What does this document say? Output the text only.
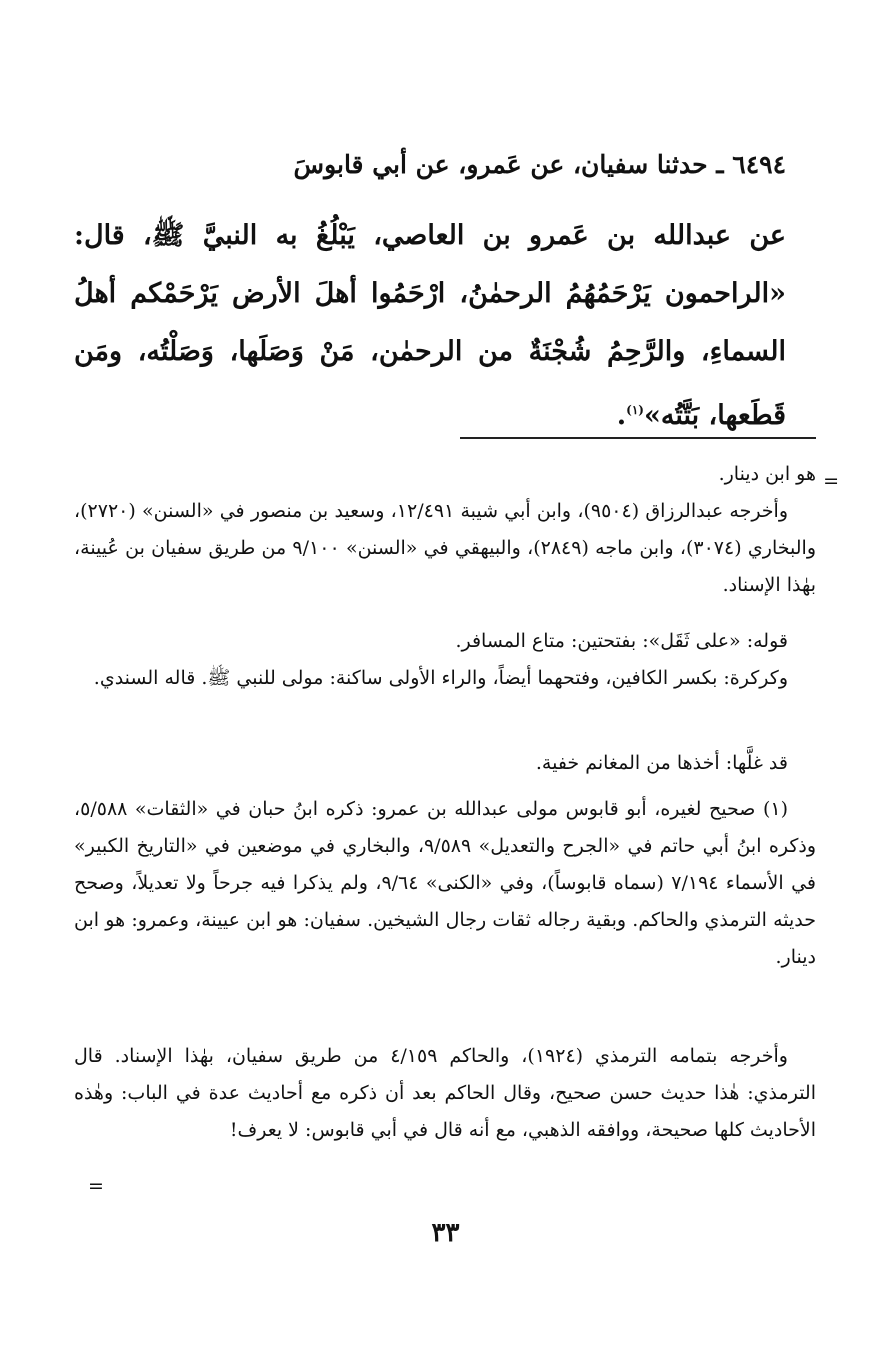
٦٤٩٤ ـ حدثنا سفيان، عن عَمرو، عن أبي قابوسَ

عن عبدالله بن عَمرو بن العاصي، يَبْلُغُ به النبيَّ ﷺ، قال: «الراحمون يَرْحَمُهُمُ الرحمٰنُ، ارْحَمُوا أهلَ الأرض يَرْحَمْكم أهلُ السماءِ، والرَّحِمُ شُجْنَةٌ من الرحمٰن، مَنْ وَصَلَها، وَصَلْتُه، ومَن قَطَعها، بَتَّتُه»$^{(١)}$.

=

هو ابن دينار.

وأخرجه عبدالرزاق (٩٥٠٤)، وابن أبي شيبة ١٢/٤٩١، وسعيد بن منصور في «السنن» (٢٧٢٠)، والبخاري (٣٠٧٤)، وابن ماجه (٢٨٤٩)، والبيهقي في «السنن» ٩/١٠٠ من طريق سفيان بن عُيينة، بهٰذا الإسناد.

قوله: «على ثَقَل»: بفتحتين: متاع المسافر.

وكركرة: بكسر الكافين، وفتحهما أيضاً، والراء الأولى ساكنة: مولى للنبي ﷺ. قاله السندي.

قد غلَّها: أخذها من المغانم خفية.

(١) صحيح لغيره، أبو قابوس مولى عبدالله بن عمرو: ذكره ابنُ حبان في «الثقات» ٥/٥٨٨، وذكره ابنُ أبي حاتم في «الجرح والتعديل» ٩/٥٨٩، والبخاري في موضعين في «التاريخ الكبير» في الأسماء ٧/١٩٤ (سماه قابوساً)، وفي «الكنى» ٩/٦٤، ولم يذكرا فيه جرحاً ولا تعديلاً، وصحح حديثه الترمذي والحاكم. وبقية رجاله ثقات رجال الشيخين. سفيان: هو ابن عيينة، وعمرو: هو ابن دينار.

وأخرجه بتمامه الترمذي (١٩٢٤)، والحاكم ٤/١٥٩ من طريق سفيان، بهٰذا الإسناد. قال الترمذي: هٰذا حديث حسن صحيح، وقال الحاكم بعد أن ذكره مع أحاديث عدة في الباب: وهٰذه الأحاديث كلها صحيحة، ووافقه الذهبي، مع أنه قال في أبي قابوس: لا يعرف!

=
٣٣
